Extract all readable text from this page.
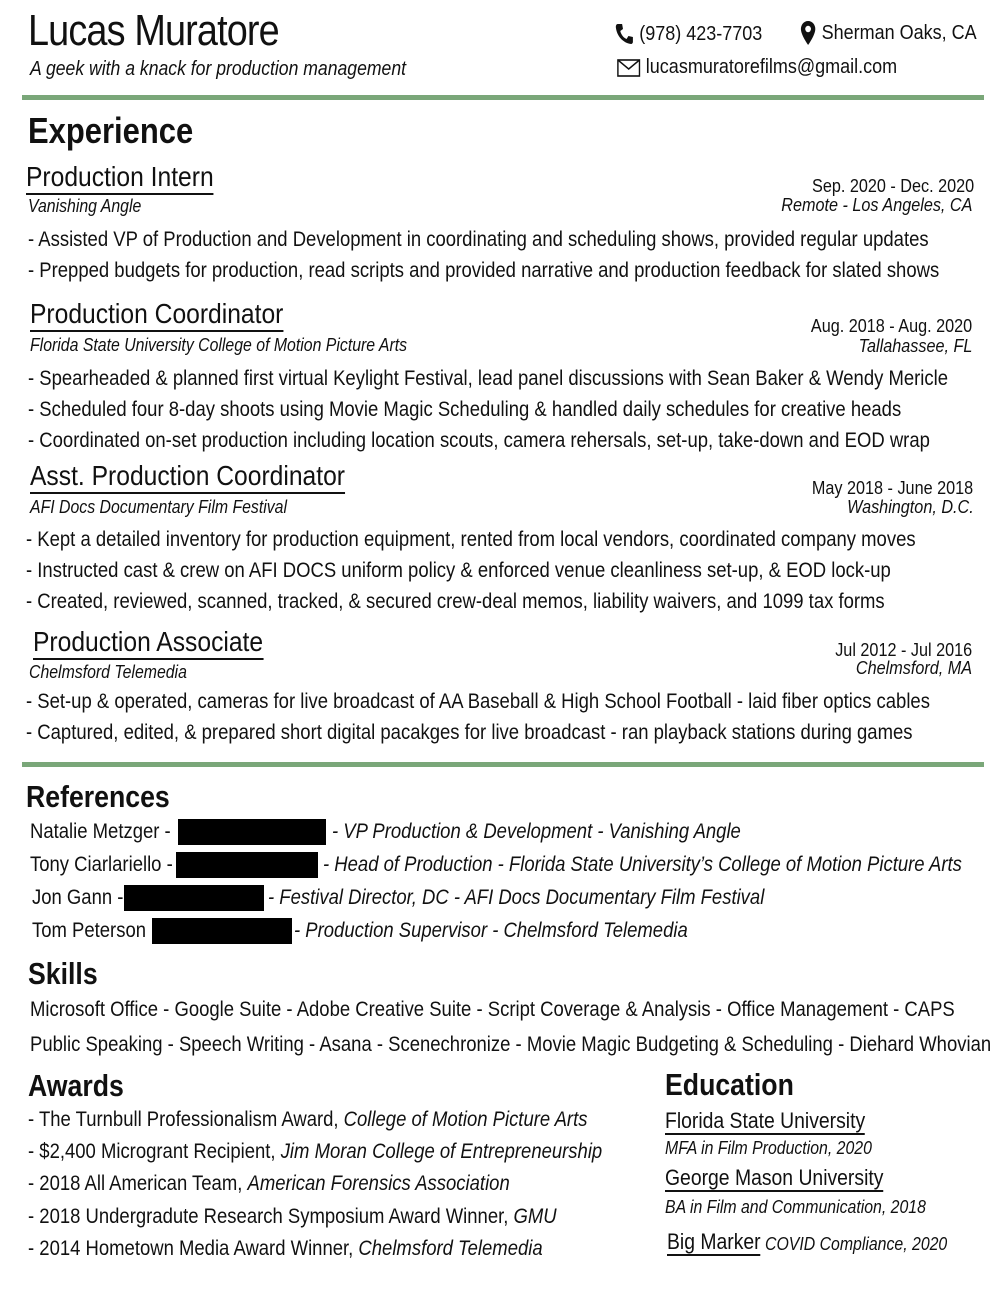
Lucas Muratore
A geek with a knack for production management
(978) 423-7703	Sherman Oaks, CA
lucasmuratorefilms@gmail.com
Experience
Production Intern
Vanishing Angle
Sep. 2020 - Dec. 2020
Remote - Los Angeles, CA
- Assisted VP of Production and Development in coordinating and scheduling shows, provided regular updates
- Prepped budgets for production, read scripts and provided narrative and production feedback for slated shows
Production Coordinator
Florida State University College of Motion Picture Arts
Aug. 2018 - Aug. 2020
Tallahassee, FL
- Spearheaded & planned first virtual Keylight Festival, lead panel discussions with Sean Baker & Wendy Mericle
- Scheduled four 8-day shoots using Movie Magic Scheduling & handled daily schedules for creative heads
- Coordinated on-set production including location scouts, camera rehersals, set-up, take-down and EOD wrap
Asst. Production Coordinator
AFI Docs Documentary Film Festival
May 2018 - June 2018
Washington, D.C.
- Kept a detailed inventory for production equipment, rented from local vendors, coordinated company moves
- Instructed cast & crew on AFI DOCS uniform policy & enforced venue cleanliness set-up, & EOD lock-up
- Created, reviewed, scanned, tracked, & secured crew-deal memos, liability waivers, and 1099 tax forms
Production Associate
Chelmsford Telemedia
Jul 2012 - Jul 2016
Chelmsford, MA
- Set-up & operated, cameras for live broadcast of AA Baseball & High School Football - laid fiber optics cables
- Captured, edited, & prepared short digital pacakges for live broadcast - ran playback stations during games
References
Natalie Metzger -	- VP Production & Development - Vanishing Angle
Tony Ciarlariello -	- Head of Production - Florida State University’s College of Motion Picture Arts
Jon Gann -	- Festival Director, DC - AFI Docs Documentary Film Festival
Tom Peterson	- Production Supervisor - Chelmsford Telemedia
Skills
Microsoft Office - Google Suite - Adobe Creative Suite - Script Coverage & Analysis - Office Management - CAPS
Public Speaking - Speech Writing - Asana - Scenechronize - Movie Magic Budgeting & Scheduling - Diehard Whovian
Awards
- The Turnbull Professionalism Award, College of Motion Picture Arts
- $2,400 Microgrant Recipient, Jim Moran College of Entrepreneurship
- 2018 All American Team, American Forensics Association
- 2018 Undergradute Research Symposium Award Winner, GMU
- 2014 Hometown Media Award Winner, Chelmsford Telemedia
Education
Florida State University
MFA in Film Production, 2020
George Mason University
BA in Film and Communication, 2018
Big Marker COVID Compliance, 2020
